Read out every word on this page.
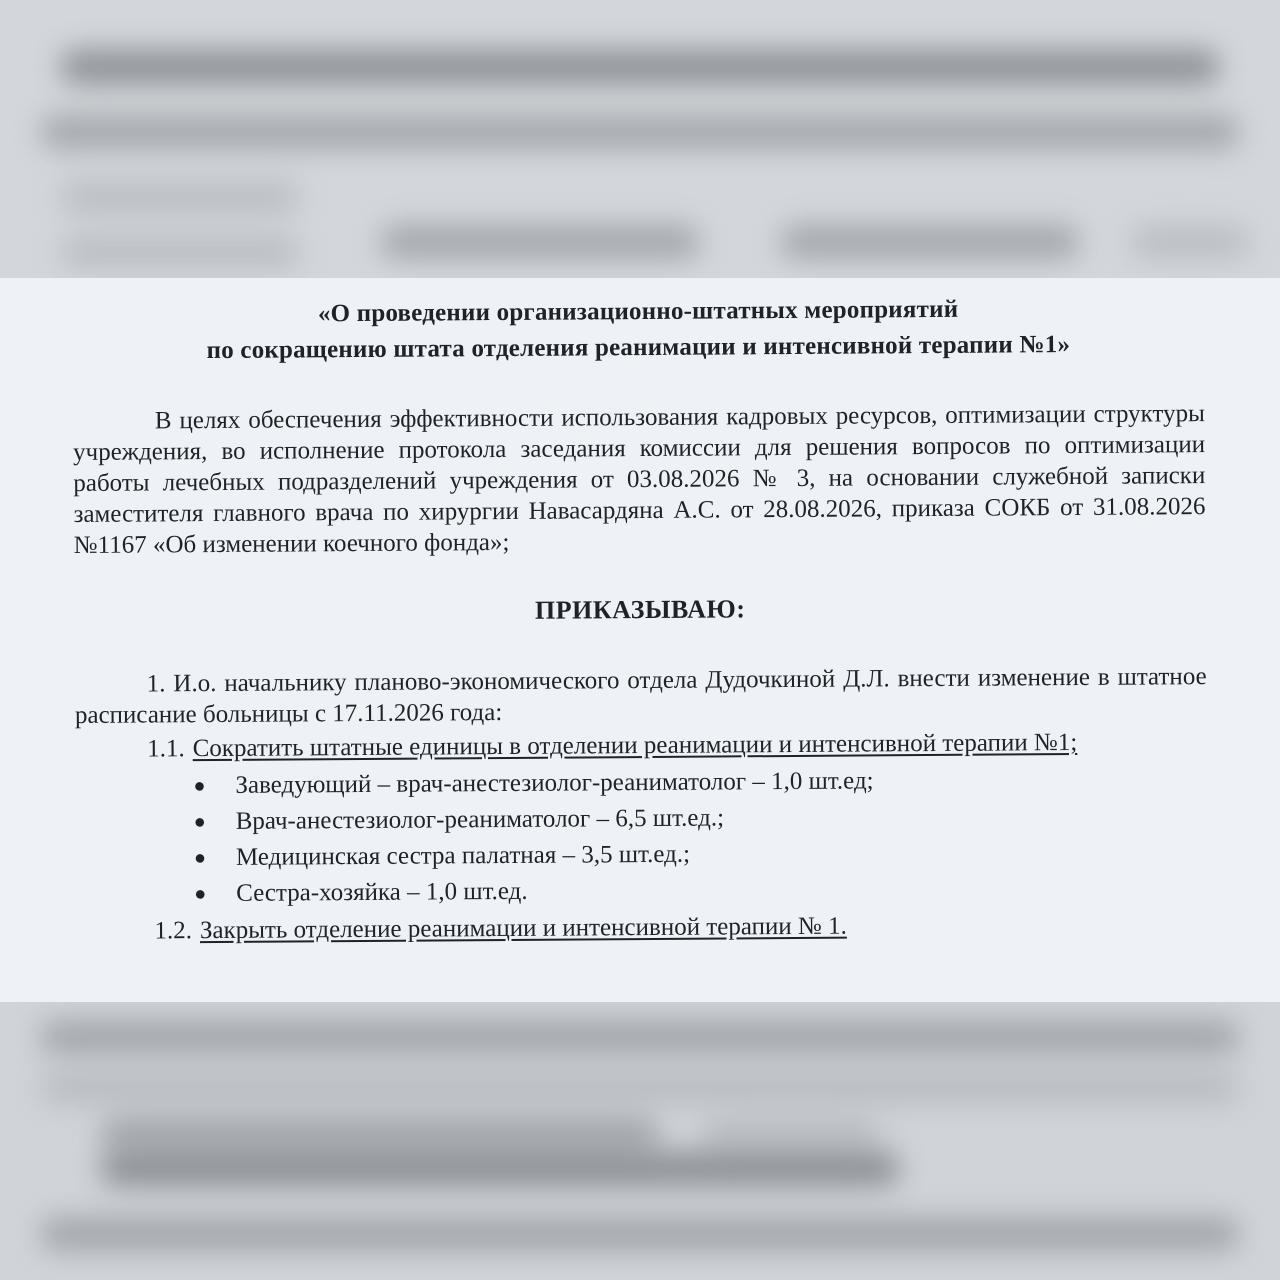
«О проведении организационно-штатных мероприятий
по сокращению штата отделения реанимации и интенсивной терапии №1»

В целях обеспечения эффективности использования кадровых ресурсов, оптимизации структуры учреждения, во исполнение протокола заседания комиссии для решения вопросов по оптимизации работы лечебных подразделений учреждения от 03.08.2026 № 3, на основании служебной записки заместителя главного врача по хирургии Навасардяна А.С. от 28.08.2026, приказа СОКБ от 31.08.2026 №1167 «Об изменении коечного фонда»;

ПРИКАЗЫВАЮ:

1. И.о. начальнику планово-экономического отдела Дудочкиной Д.Л. внести изменение в штатное расписание больницы с 17.11.2026 года:

1.1. Сократить штатные единицы в отделении реанимации и интенсивной терапии №1;
● Заведующий – врач-анестезиолог-реаниматолог – 1,0 шт.ед;
● Врач-анестезиолог-реаниматолог – 6,5 шт.ед.;
● Медицинская сестра палатная – 3,5 шт.ед.;
● Сестра-хозяйка – 1,0 шт.ед.
1.2. Закрыть отделение реанимации и интенсивной терапии № 1.
